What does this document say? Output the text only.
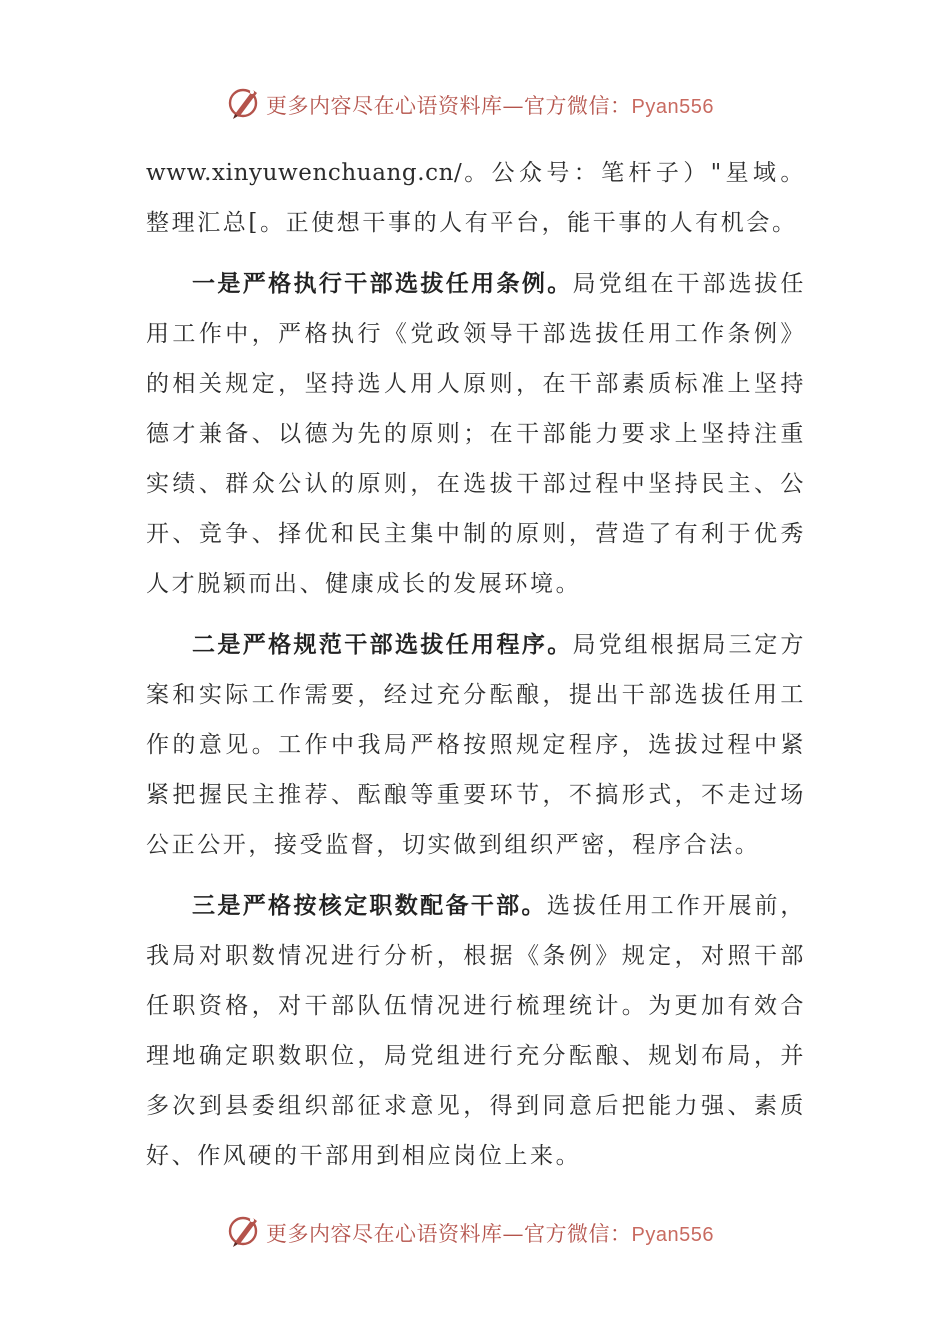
更多内容尽在心语资料库—官方微信：Pyan556

www.xinyuwenchuang.cn/。公众号：笔杆子）"星域。整理汇总[。正使想干事的人有平台，能干事的人有机会。

一是严格执行干部选拔任用条例。局党组在干部选拔任用工作中，严格执行《党政领导干部选拔任用工作条例》的相关规定，坚持选人用人原则，在干部素质标准上坚持德才兼备、以德为先的原则；在干部能力要求上坚持注重实绩、群众公认的原则，在选拔干部过程中坚持民主、公开、竞争、择优和民主集中制的原则，营造了有利于优秀人才脱颖而出、健康成长的发展环境。

二是严格规范干部选拔任用程序。局党组根据局三定方案和实际工作需要，经过充分酝酿，提出干部选拔任用工作的意见。工作中我局严格按照规定程序，选拔过程中紧紧把握民主推荐、酝酿等重要环节，不搞形式，不走过场公正公开，接受监督，切实做到组织严密，程序合法。

三是严格按核定职数配备干部。选拔任用工作开展前，我局对职数情况进行分析，根据《条例》规定，对照干部任职资格，对干部队伍情况进行梳理统计。为更加有效合理地确定职数职位，局党组进行充分酝酿、规划布局，并多次到县委组织部征求意见，得到同意后把能力强、素质好、作风硬的干部用到相应岗位上来。

更多内容尽在心语资料库—官方微信：Pyan556
